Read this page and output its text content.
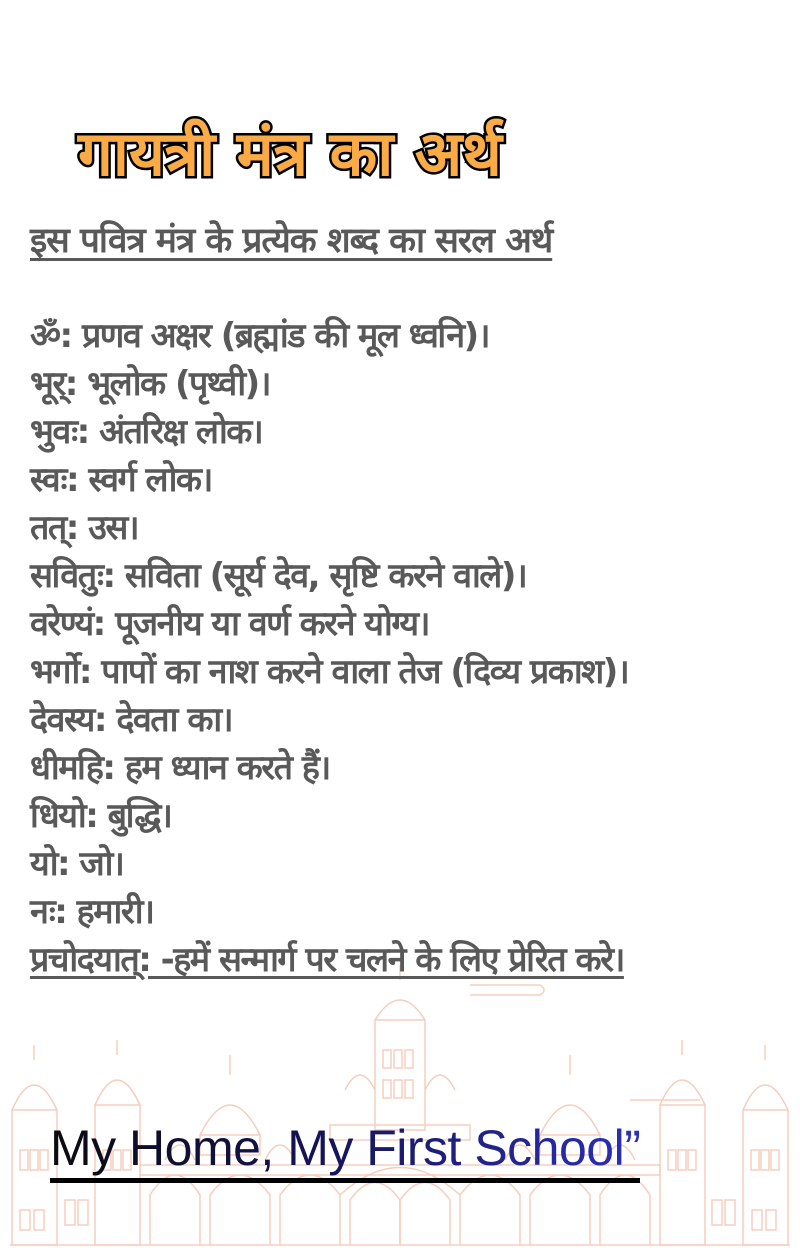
गायत्री मंत्र का अर्थ
इस पवित्र मंत्र के प्रत्येक शब्द का सरल अर्थ
ॐ: प्रणव अक्षर (ब्रह्मांड की मूल ध्वनि)।
भूर्: भूलोक (पृथ्वी)।
भुवः: अंतरिक्ष लोक।
स्वः: स्वर्ग लोक।
तत्: उस।
सवितुः: सविता (सूर्य देव, सृष्टि करने वाले)।
वरेण्यं: पूजनीय या वर्ण करने योग्य।
भर्गो: पापों का नाश करने वाला तेज (दिव्य प्रकाश)।
देवस्य: देवता का।
धीमहि: हम ध्यान करते हैं।
धियो: बुद्धि।
यो: जो।
नः: हमारी।
प्रचोदयात्: -हमें सन्मार्ग पर चलने के लिए प्रेरित करे।
My Home, My First School”
